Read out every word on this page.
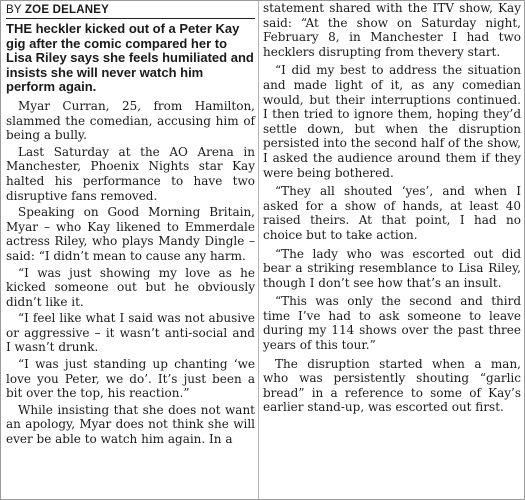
BY ZOE DELANEY
THE heckler kicked out of a Peter Kay gig after the comic compared her to Lisa Riley says she feels humiliated and insists she will never watch him perform again.

Myar Curran, 25, from Hamilton, slammed the comedian, accusing him of being a bully.

Last Saturday at the AO Arena in Manchester, Phoenix Nights star Kay halted his performance to have two disruptive fans removed.

Speaking on Good Morning Britain, Myar – who Kay likened to Emmerdale actress Riley, who plays Mandy Dingle – said: “I didn’t mean to cause any harm.

“I was just showing my love as he kicked someone out but he obviously didn’t like it.

“I feel like what I said was not abusive or aggressive – it wasn’t anti-social and I wasn’t drunk.

“I was just standing up chanting ‘we love you Peter, we do’. It’s just been a bit over the top, his reaction.”

While insisting that she does not want an apology, Myar does not think she will ever be able to watch him again. In a

statement shared with the ITV show, Kay said: “At the show on Saturday night, February 8, in Manchester I had two hecklers disrupting from thevery start.

“I did my best to address the situation and made light of it, as any comedian would, but their interruptions continued. I then tried to ignore them, hoping they’d settle down, but when the disruption persisted into the second half of the show, I asked the audience around them if they were being bothered.

“They all shouted ‘yes’, and when I asked for a show of hands, at least 40 raised theirs. At that point, I had no choice but to take action.

“The lady who was escorted out did bear a striking resemblance to Lisa Riley, though I don’t see how that’s an insult.

“This was only the second and third time I’ve had to ask someone to leave during my 114 shows over the past three years of this tour.”

The disruption started when a man, who was persistently shouting “garlic bread” in a reference to some of Kay’s earlier stand-up, was escorted out first.
